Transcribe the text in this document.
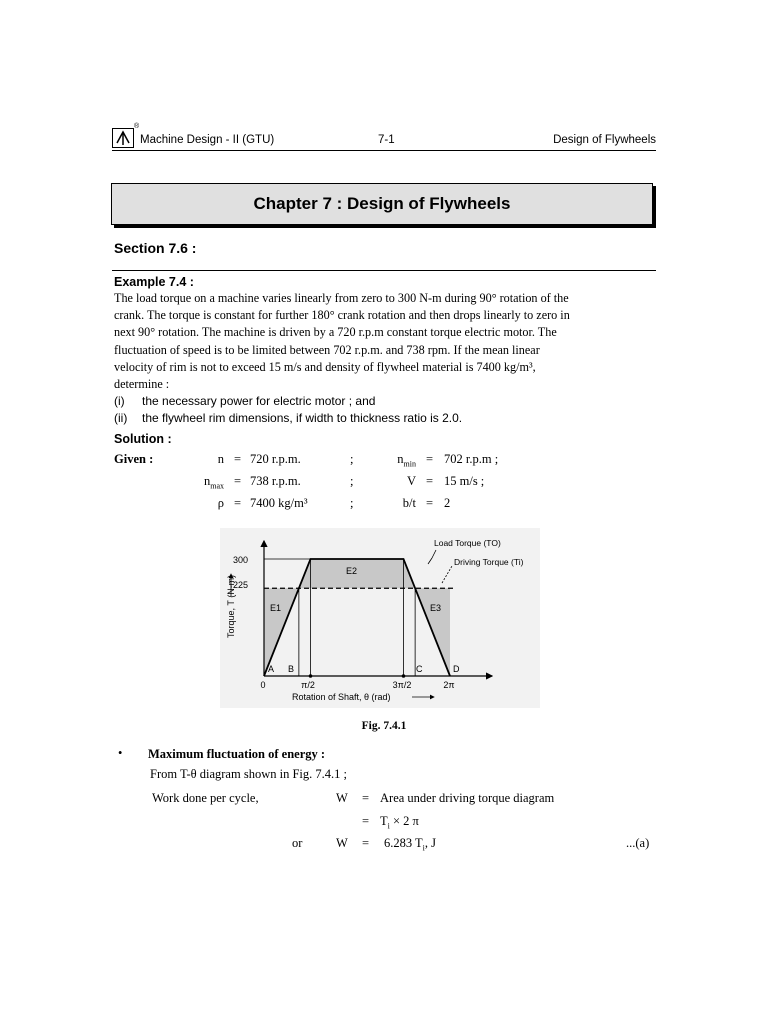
®
Machine Design - II (GTU)	7-1	Design of Flywheels
Chapter 7 : Design of Flywheels
Section 7.6 :
Example 7.4 :
The load torque on a machine varies linearly from zero to 300 N-m during 90° rotation of the
crank. The torque is constant for further 180° crank rotation and then drops linearly to zero in
next 90° rotation. The machine is driven by a 720 r.p.m constant torque electric motor. The
fluctuation of speed is to be limited between 702 r.p.m. and 738 rpm. If the mean linear
velocity of rim is not to exceed 15 m/s and density of flywheel material is 7400 kg/m³,
determine :
(i) the necessary power for electric motor ; and
(ii) the flywheel rim dimensions, if width to thickness ratio is 2.0.
Solution :
Given :	n = 720 r.p.m.	;	$n_{min} = 702$ r.p.m ;
$n_{max} = 738$ r.p.m.	;	V = 15 m/s ;
ρ = 7400 kg/m³	;	b/t = 2
300
225
0	π/2	3π/2	2π
A B	C	D
E1
E2
E3
Load Torque (TO)
Driving Torque (Ti)
Torque, T (N-m)
Rotation of Shaft, θ (rad)
Fig. 7.4.1
• Maximum fluctuation of energy :
From T-θ diagram shown in Fig. 7.4.1 ;
Work done per cycle,	W = Area under driving torque diagram
= $T_i \times 2$ π
or	W = 6.283 $T_i$, J	...(a)
